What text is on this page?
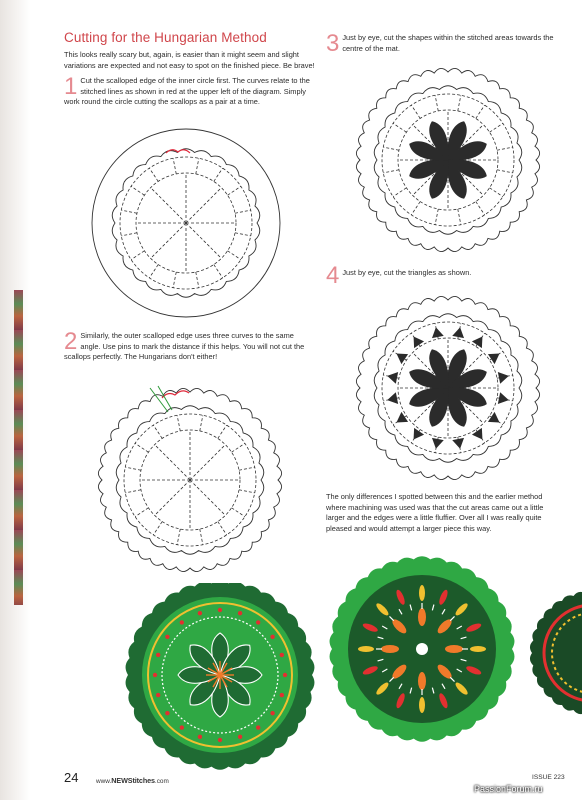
Cutting for the Hungarian Method

This looks really scary but, again, is easier than it might seem and slight variations are expected and not easy to spot on the finished piece. Be brave!

1 Cut the scalloped edge of the inner circle first. The curves relate to the stitched lines as shown in red at the upper left of the diagram. Simply work round the circle cutting the scallops as a pair at a time.

2 Similarly, the outer scalloped edge uses three curves to the same angle. Use pins to mark the distance if this helps. You will not cut the scallops perfectly. The Hungarians don't either!

3 Just by eye, cut the shapes within the stitched areas towards the centre of the mat.

4 Just by eye, cut the triangles as shown.

The only differences I spotted between this and the earlier method where machining was used was that the cut areas came out a little larger and the edges were a little fluffier. Over all I was really quite pleased and would attempt a larger piece this way.

24	www.NEWStitches.com
ISSUE 223
PassionForum.ru
